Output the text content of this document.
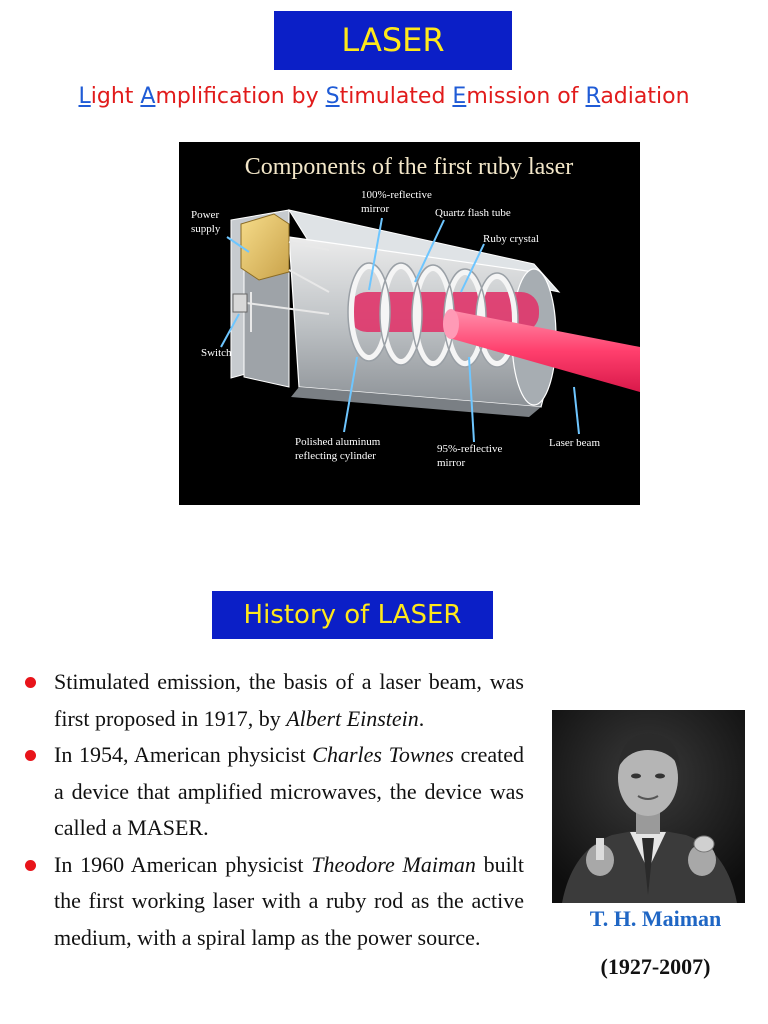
LASER
Light Amplification by Stimulated Emission of Radiation
Components of the first ruby laser
Power
supply
100%-reflective
mirror	Quartz flash tube
Ruby crystal
Switch
Polished aluminum
reflecting cylinder
95%-reflective
mirror
Laser beam
History of LASER
Stimulated emission, the basis of a laser beam, was first proposed in 1917, by Albert Einstein.
In 1954, American physicist Charles Townes created a device that amplified microwaves, the device was called a MASER.
In 1960 American physicist Theodore Maiman built the first working laser with a ruby rod as the active medium, with a spiral lamp as the power source.
T. H. Maiman
(1927-2007)
